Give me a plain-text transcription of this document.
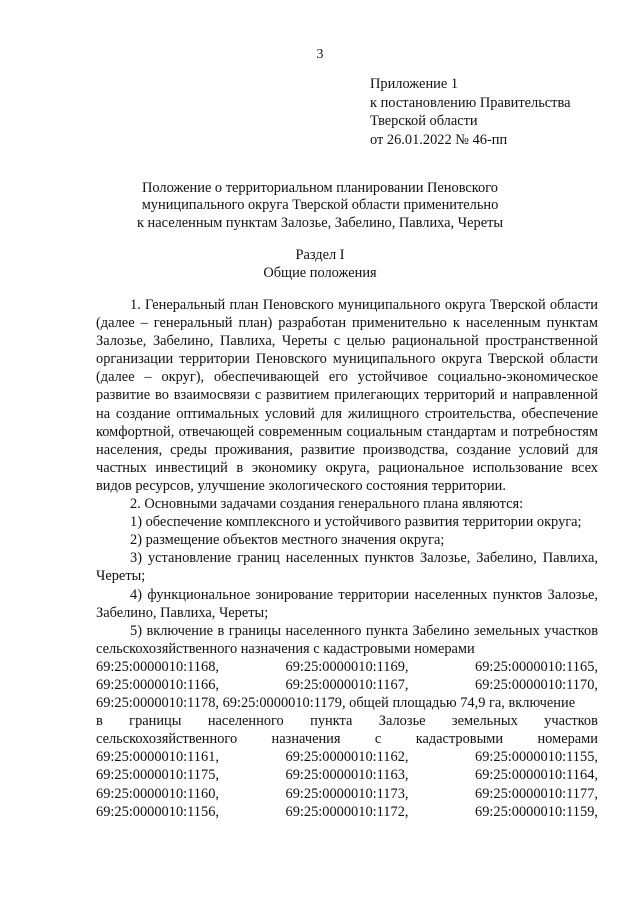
3
Приложение 1
к постановлению Правительства
Тверской области
от 26.01.2022 № 46-пп
Положение о территориальном планировании Пеновского
муниципального округа Тверской области применительно
к населенным пунктам Залозье, Забелино, Павлиха, Череты
Раздел I
Общие положения
1. Генеральный план Пеновского муниципального округа Тверской области (далее – генеральный план) разработан применительно к населенным пунктам Залозье, Забелино, Павлиха, Череты с целью рациональной пространственной организации территории Пеновского муниципального округа Тверской области (далее – округ), обеспечивающей его устойчивое социально-экономическое развитие во взаимосвязи с развитием прилегающих территорий и направленной на создание оптимальных условий для жилищного строительства, обеспечение комфортной, отвечающей современным социальным стандартам и потребностям населения, среды проживания, развитие производства, создание условий для частных инвестиций в экономику округа, рациональное использование всех видов ресурсов, улучшение экологического состояния территории.
2. Основными задачами создания генерального плана являются:
1) обеспечение комплексного и устойчивого развития территории округа;
2) размещение объектов местного значения округа;
3) установление границ населенных пунктов Залозье, Забелино, Павлиха, Череты;
4) функциональное зонирование территории населенных пунктов Залозье, Забелино, Павлиха, Череты;
5) включение в границы населенного пункта Забелино земельных участков сельскохозяйственного назначения с кадастровыми номерами
69:25:0000010:1168,	69:25:0000010:1169,	69:25:0000010:1165,
69:25:0000010:1166,	69:25:0000010:1167,	69:25:0000010:1170,
69:25:0000010:1178, 69:25:0000010:1179, общей площадью 74,9 га, включение
в границы населенного пункта Залозье земельных участков
сельскохозяйственного назначения с кадастровыми номерами
69:25:0000010:1161,	69:25:0000010:1162,	69:25:0000010:1155,
69:25:0000010:1175,	69:25:0000010:1163,	69:25:0000010:1164,
69:25:0000010:1160,	69:25:0000010:1173,	69:25:0000010:1177,
69:25:0000010:1156,	69:25:0000010:1172,	69:25:0000010:1159,
